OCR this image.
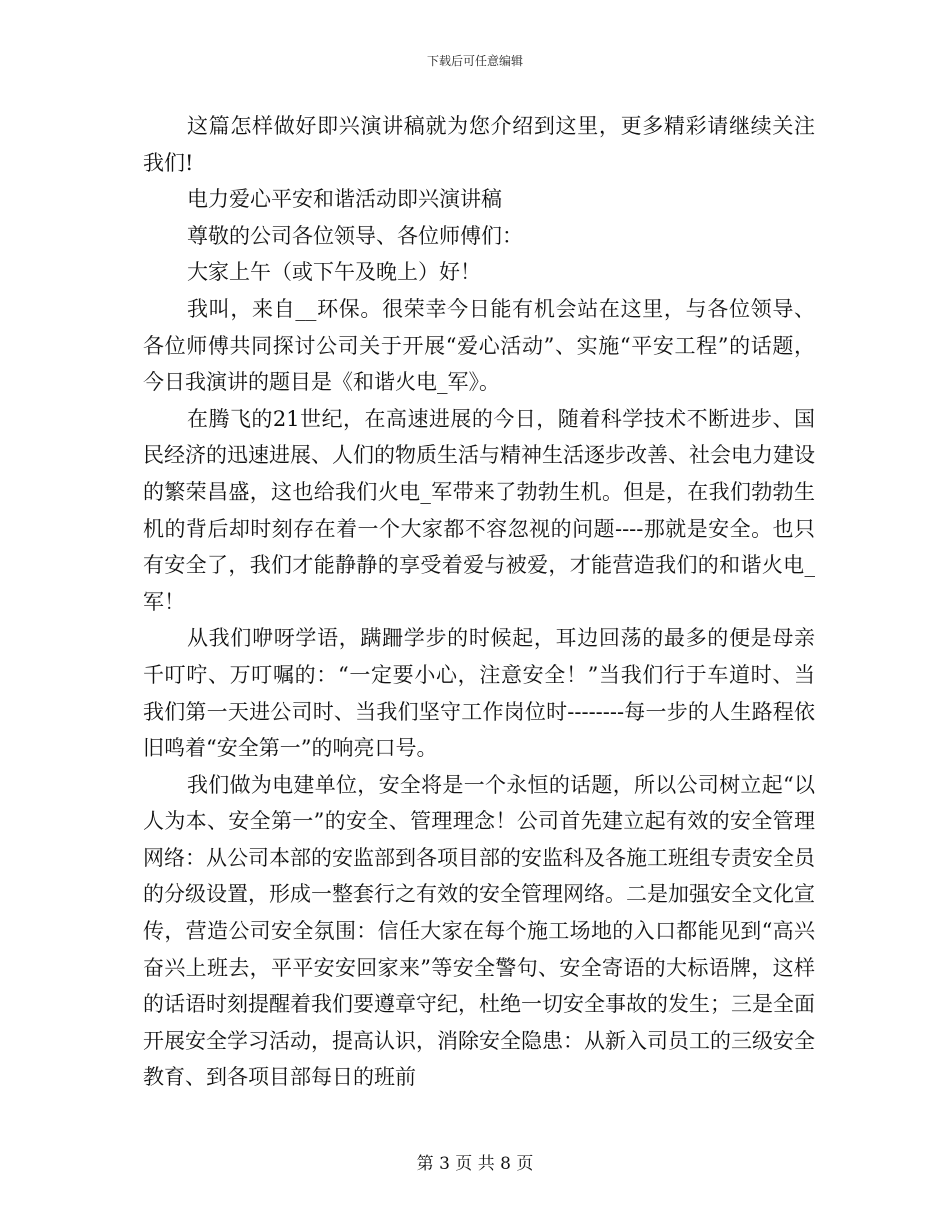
下载后可任意编辑

这篇怎样做好即兴演讲稿就为您介绍到这里，更多精彩请继续关注我们!

电力爱心平安和谐活动即兴演讲稿

尊敬的公司各位领导、各位师傅们：

大家上午（或下午及晚上）好！

我叫，来自__环保。很荣幸今日能有机会站在这里，与各位领导、各位师傅共同探讨公司关于开展“爱心活动”、实施“平安工程”的话题，今日我演讲的题目是《和谐火电_军》。

在腾飞的21世纪，在高速进展的今日，随着科学技术不断进步、国民经济的迅速进展、人们的物质生活与精神生活逐步改善、社会电力建设的繁荣昌盛，这也给我们火电_军带来了勃勃生机。但是，在我们勃勃生机的背后却时刻存在着一个大家都不容忽视的问题----那就是安全。也只有安全了，我们才能静静的享受着爱与被爱，才能营造我们的和谐火电_军！

从我们咿呀学语，蹒跚学步的时候起，耳边回荡的最多的便是母亲千叮咛、万叮嘱的：“一定要小心，注意安全！”当我们行于车道时、当我们第一天进公司时、当我们坚守工作岗位时--------每一步的人生路程依旧鸣着“安全第一”的响亮口号。

我们做为电建单位，安全将是一个永恒的话题，所以公司树立起“以人为本、安全第一”的安全、管理理念！公司首先建立起有效的安全管理网络：从公司本部的安监部到各项目部的安监科及各施工班组专责安全员的分级设置，形成一整套行之有效的安全管理网络。二是加强安全文化宣传，营造公司安全氛围：信任大家在每个施工场地的入口都能见到“高兴奋兴上班去，平平安安回家来”等安全警句、安全寄语的大标语牌，这样的话语时刻提醒着我们要遵章守纪，杜绝一切安全事故的发生；三是全面开展安全学习活动，提高认识，消除安全隐患：从新入司员工的三级安全教育、到各项目部每日的班前

第 3 页 共 8 页
